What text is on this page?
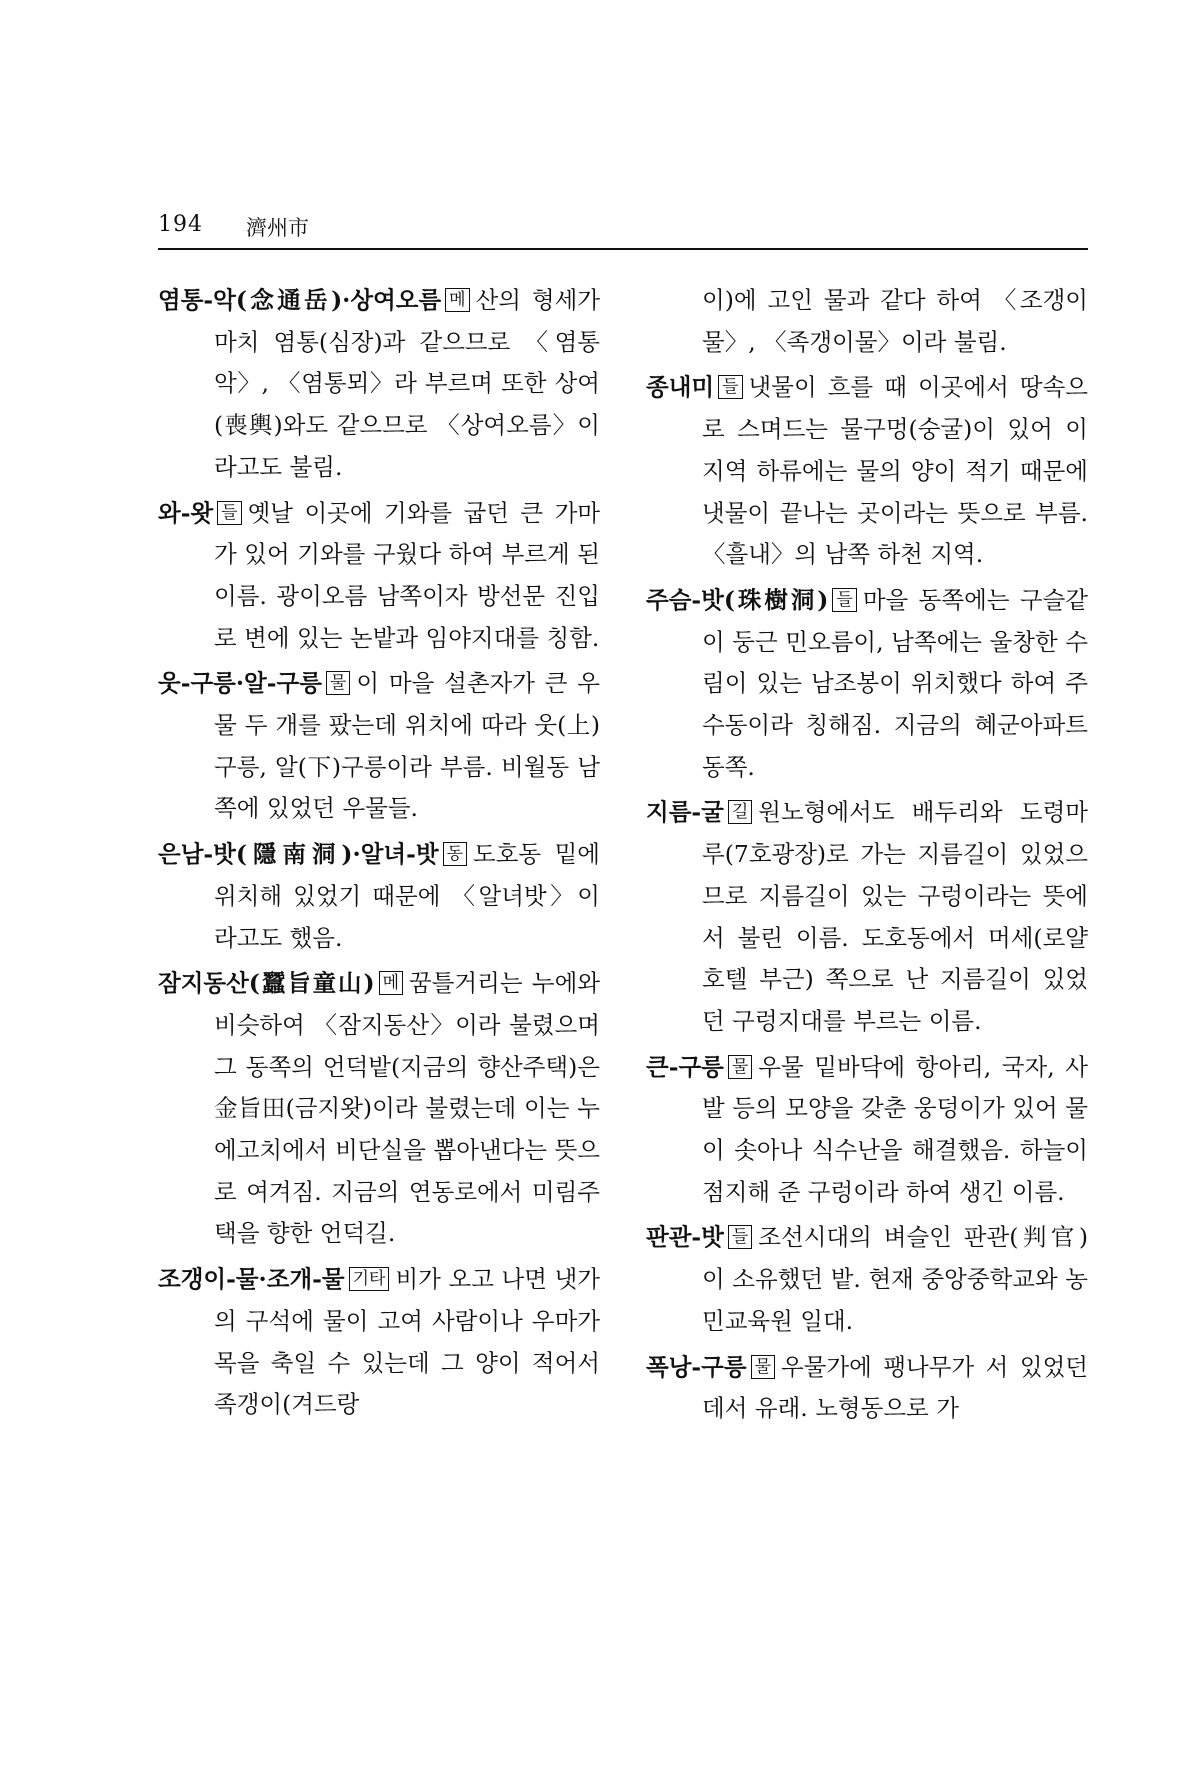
194 濟州市

염통-악(念通岳)·상여오름 메 산의 형세가 마치 염통(심장)과 같으므로 〈염통악〉, 〈염통뫼〉라 부르며 또한 상여(喪輿)와도 같으므로 〈상여오름〉이라고도 불림.

와-왓 들 옛날 이곳에 기와를 굽던 큰 가마가 있어 기와를 구웠다 하여 부르게 된 이름. 광이오름 남쪽이자 방선문 진입로 변에 있는 논밭과 임야지대를 칭함.

웃-구릉·알-구릉 물 이 마을 설촌자가 큰 우물 두 개를 팠는데 위치에 따라 웃(上)구릉, 알(下)구릉이라 부름. 비월동 남쪽에 있었던 우물들.

은남-밧(隱南洞)·알녀-밧 동 도호동 밑에 위치해 있었기 때문에 〈알녀밧〉이라고도 했음.

잠지동산(蠶旨童山) 메 꿈틀거리는 누에와 비슷하여 〈잠지동산〉이라 불렸으며 그 동쪽의 언덕밭(지금의 향산주택)은 金旨田(금지왓)이라 불렸는데 이는 누에고치에서 비단실을 뽑아낸다는 뜻으로 여겨짐. 지금의 연동로에서 미림주택을 향한 언덕길.

조갱이-물·조개-물 기타 비가 오고 나면 냇가의 구석에 물이 고여 사람이나 우마가 목을 축일 수 있는데 그 양이 적어서 족갱이(겨드랑

이)에 고인 물과 같다 하여 〈조갱이물〉, 〈족갱이물〉이라 불림.

종내미 들 냇물이 흐를 때 이곳에서 땅속으로 스며드는 물구멍(숭굴)이 있어 이 지역 하류에는 물의 양이 적기 때문에 냇물이 끝나는 곳이라는 뜻으로 부름. 〈흘내〉의 남쪽 하천 지역.

주슴-밧(珠樹洞) 들 마을 동쪽에는 구슬같이 둥근 민오름이, 남쪽에는 울창한 수림이 있는 남조봉이 위치했다 하여 주수동이라 칭해짐. 지금의 혜군아파트 동쪽.

지름-굴 길 원노형에서도 배두리와 도령마루(7호광장)로 가는 지름길이 있었으므로 지름길이 있는 구렁이라는 뜻에서 불린 이름. 도호동에서 머세(로얄호텔 부근) 쪽으로 난 지름길이 있었던 구렁지대를 부르는 이름.

큰-구릉 물 우물 밑바닥에 항아리, 국자, 사발 등의 모양을 갖춘 웅덩이가 있어 물이 솟아나 식수난을 해결했음. 하늘이 점지해 준 구렁이라 하여 생긴 이름.

판관-밧 들 조선시대의 벼슬인 판관(判官)이 소유했던 밭. 현재 중앙중학교와 농민교육원 일대.

폭낭-구릉 물 우물가에 팽나무가 서 있었던 데서 유래. 노형동으로 가
